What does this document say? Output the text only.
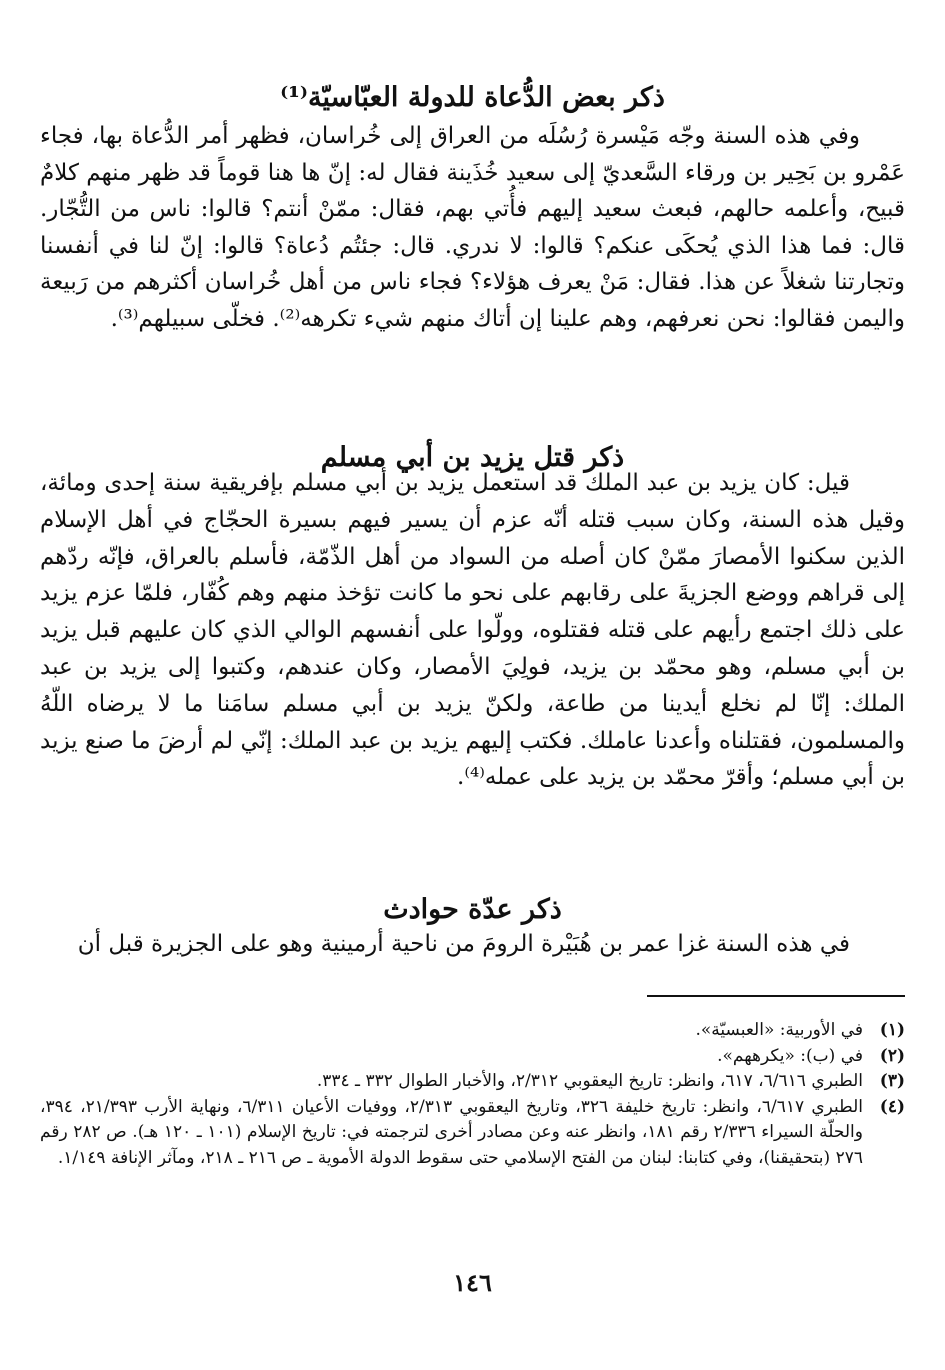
ذكر بعض الدُّعاة للدولة العبّاسيّة⁽¹⁾

وفي هذه السنة وجّه مَيْسرة رُسُلَه من العراق إلى خُراسان، فظهر أمر الدُّعاة بها، فجاء عَمْرو بن بَحِير بن ورقاء السَّعديّ إلى سعيد خُذَينة فقال له: إنّ ها هنا قوماً قد ظهر منهم كلامٌ قبيح، وأعلمه حالهم، فبعث سعيد إليهم فأُتي بهم، فقال: ممّنْ أنتم؟ قالوا: ناس من التُّجّار. قال: فما هذا الذي يُحكَى عنكم؟ قالوا: لا ندري. قال: جئتُم دُعاة؟ قالوا: إنّ لنا في أنفسنا وتجارتنا شغلاً عن هذا. فقال: مَنْ يعرف هؤلاء؟ فجاء ناس من أهل خُراسان أكثرهم من رَبيعة واليمن فقالوا: نحن نعرفهم، وهم علينا إن أتاك منهم شيء تكرهه⁽²⁾. فخلّى سبيلهم⁽³⁾.

ذكر قتل يزيد بن أبي مسلم

قيل: كان يزيد بن عبد الملك قد استعمل يزيد بن أبي مسلم بإفريقية سنة إحدى ومائة، وقيل هذه السنة، وكان سبب قتله أنّه عزم أن يسير فيهم بسيرة الحجّاج في أهل الإسلام الذين سكنوا الأمصارَ ممّنْ كان أصله من السواد من أهل الذّمّة، فأسلم بالعراق، فإنّه ردّهم إلى قراهم ووضع الجزيةَ على رقابهم على نحو ما كانت تؤخذ منهم وهم كُفّار، فلمّا عزم يزيد على ذلك اجتمع رأيهم على قتله فقتلوه، وولّوا على أنفسهم الوالي الذي كان عليهم قبل يزيد بن أبي مسلم، وهو محمّد بن يزيد، فولِيَ الأمصار، وكان عندهم، وكتبوا إلى يزيد بن عبد الملك: إنّا لم نخلع أيدينا من طاعة، ولكنّ يزيد بن أبي مسلم سامَنا ما لا يرضاه اللّهُ والمسلمون، فقتلناه وأعدنا عاملك. فكتب إليهم يزيد بن عبد الملك: إنّي لم أرضَ ما صنع يزيد بن أبي مسلم؛ وأقرّ محمّد بن يزيد على عمله⁽⁴⁾.

ذكر عدّة حوادث

في هذه السنة غزا عمر بن هُبَيْرة الرومَ من ناحية أرمينية وهو على الجزيرة قبل أن

(١)
في الأوربية: «العبسيّة».
(٢)
في (ب): «يكرههم».
(٣)
الطبري ٦/٦١٦، ٦١٧، وانظر: تاريخ اليعقوبي ٢/٣١٢، والأخبار الطوال ٣٣٢ ـ ٣٣٤.
(٤)
الطبري ٦/٦١٧، وانظر: تاريخ خليفة ٣٢٦، وتاريخ اليعقوبي ٢/٣١٣، ووفيات الأعيان ٦/٣١١، ونهاية الأرب ٢١/٣٩٣، ٣٩٤، والحلّة السيراء ٢/٣٣٦ رقم ١٨١، وانظر عنه وعن مصادر أخرى لترجمته في: تاريخ الإسلام (١٠١ ـ ١٢٠ هـ). ص ٢٨٢ رقم ٢٧٦ (بتحقيقنا)، وفي كتابنا: لبنان من الفتح الإسلامي حتى سقوط الدولة الأموية ـ ص ٢١٦ ـ ٢١٨، ومآثر الإنافة ١/١٤٩.
١٤٦
